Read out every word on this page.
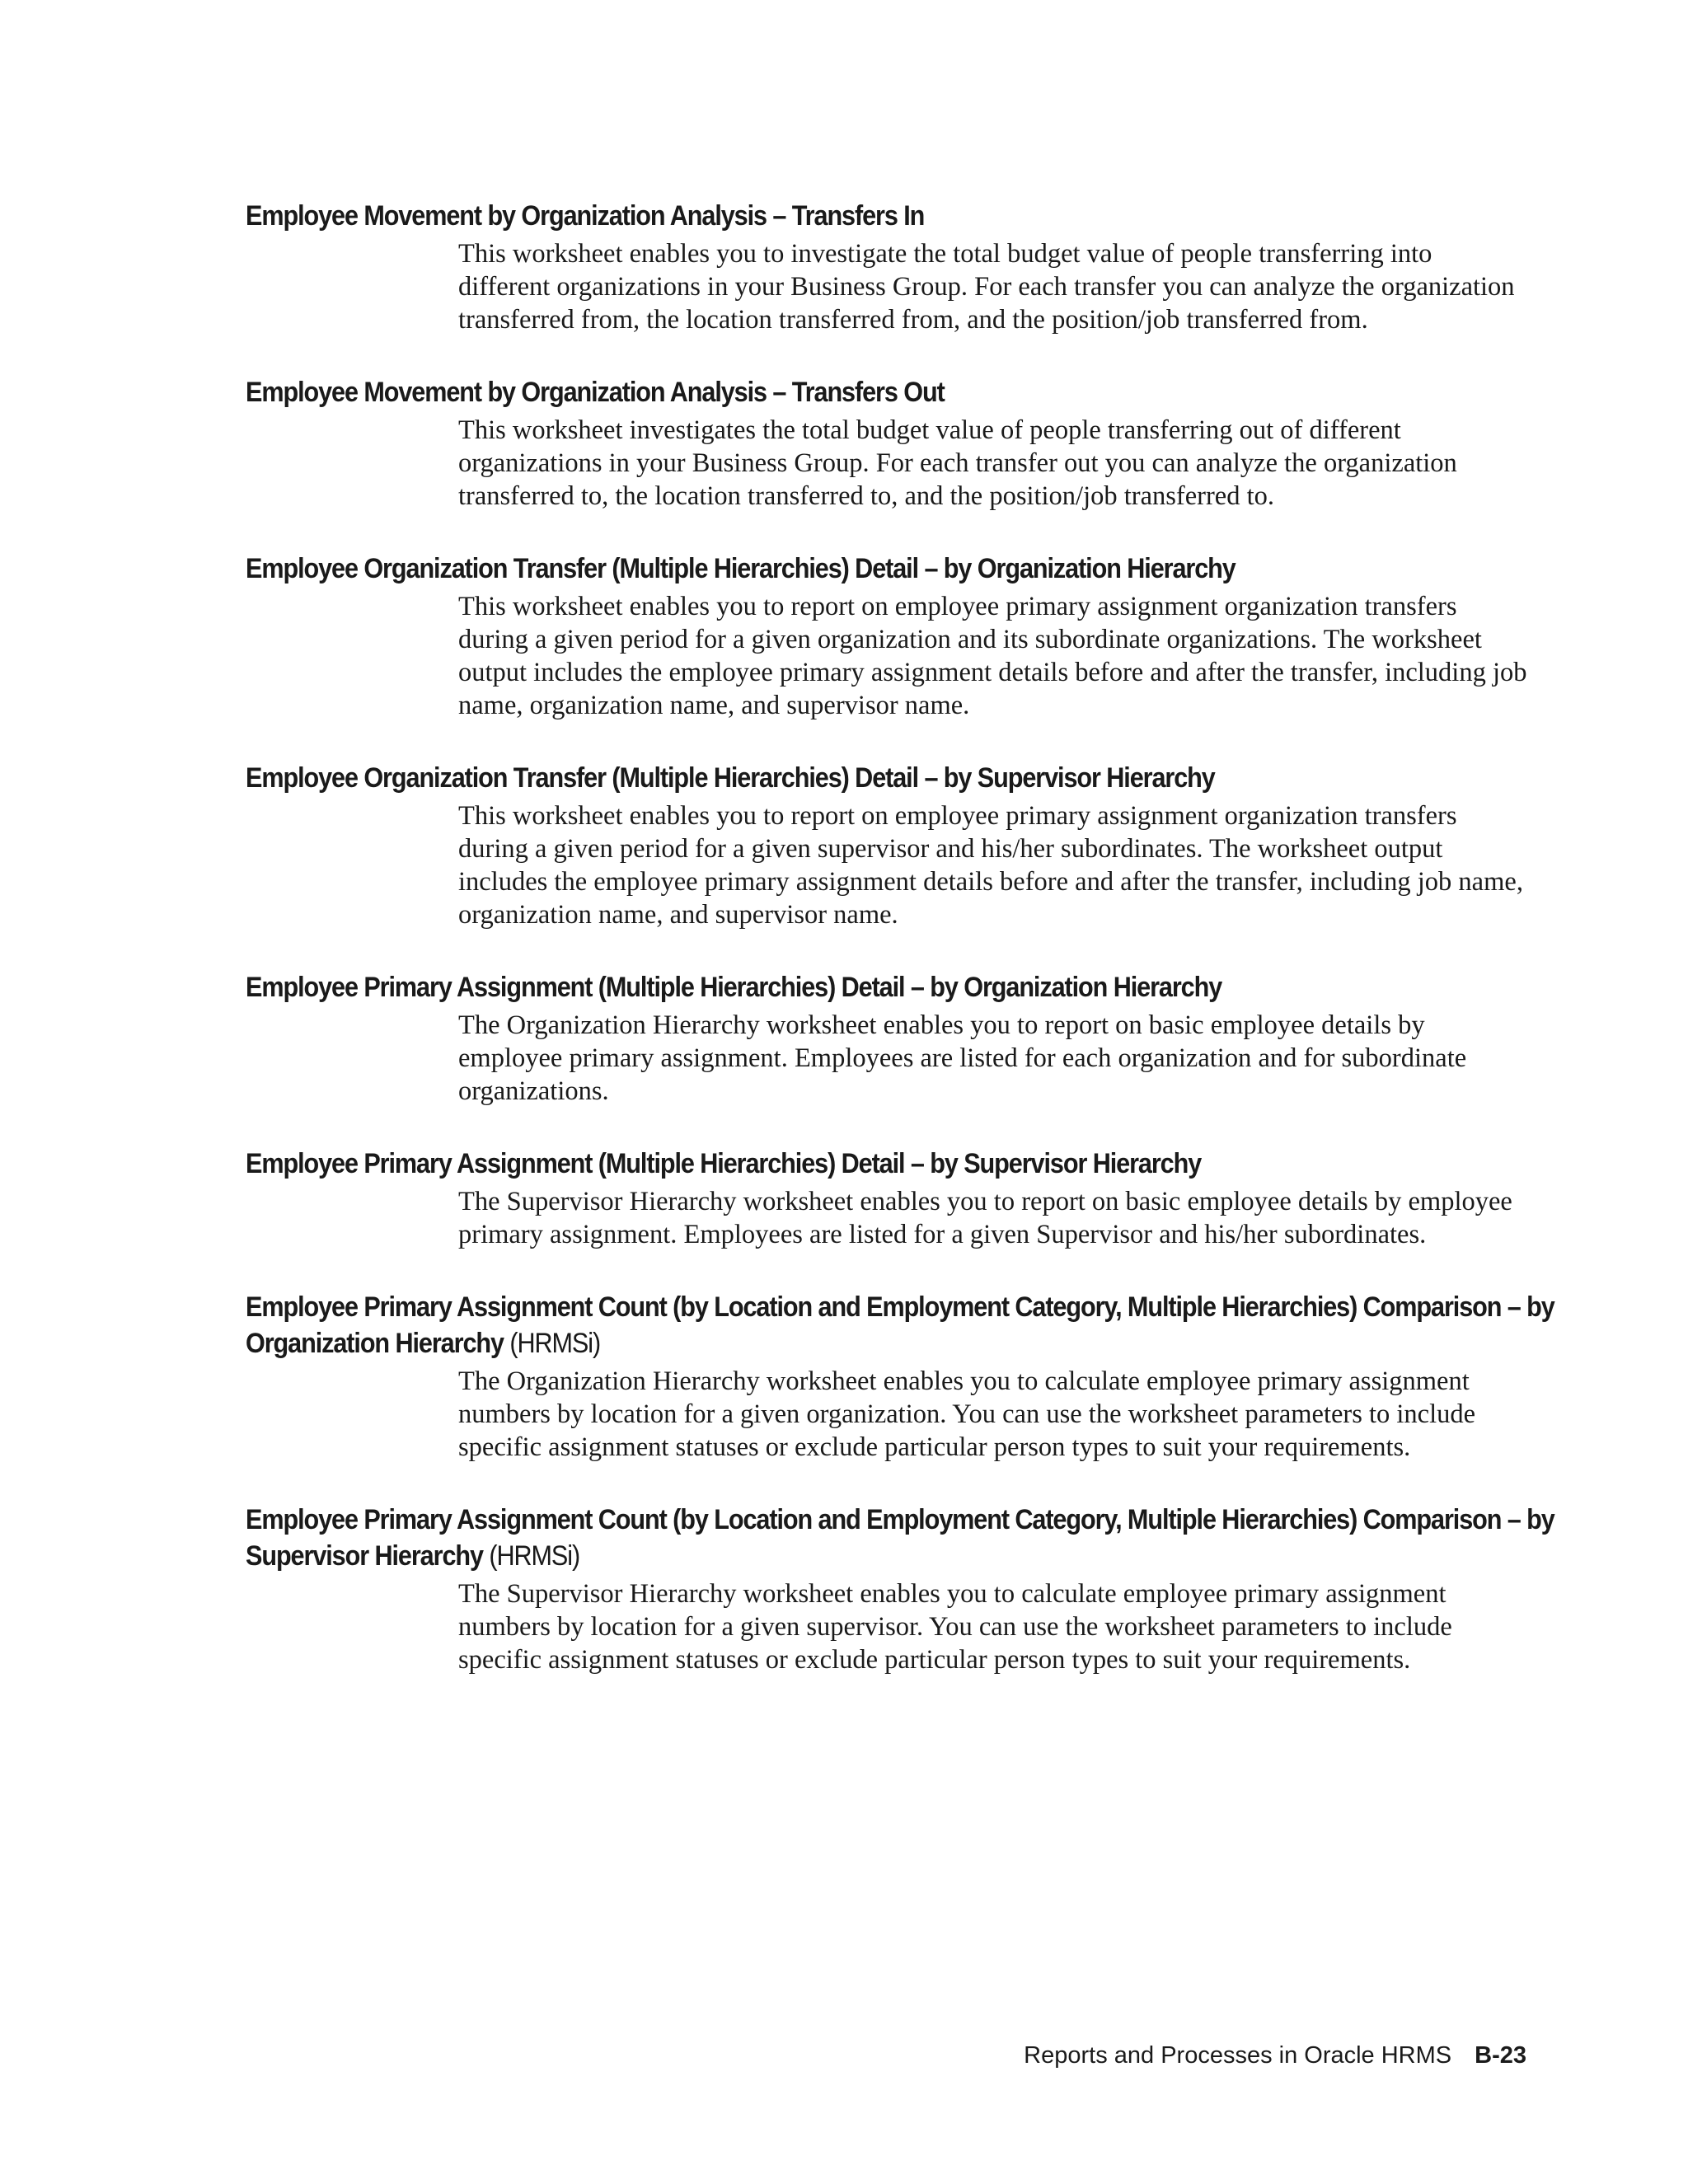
Employee Movement by Organization Analysis – Transfers In
This worksheet enables you to investigate the total budget value of people transferring into different organizations in your Business Group. For each transfer you can analyze the organization transferred from, the location transferred from, and the position/job transferred from.
Employee Movement by Organization Analysis – Transfers Out
This worksheet investigates the total budget value of people transferring out of different organizations in your Business Group. For each transfer out you can analyze the organization transferred to, the location transferred to, and the position/job transferred to.
Employee Organization Transfer (Multiple Hierarchies) Detail – by Organization Hierarchy
This worksheet enables you to report on employee primary assignment organization transfers during a given period for a given organization and its subordinate organizations. The worksheet output includes the employee primary assignment details before and after the transfer, including job name, organization name, and supervisor name.
Employee Organization Transfer (Multiple Hierarchies) Detail – by Supervisor Hierarchy
This worksheet enables you to report on employee primary assignment organization transfers during a given period for a given supervisor and his/her subordinates. The worksheet output includes the employee primary assignment details before and after the transfer, including job name, organization name, and supervisor name.
Employee Primary Assignment (Multiple Hierarchies) Detail – by Organization Hierarchy
The Organization Hierarchy worksheet enables you to report on basic employee details by employee primary assignment. Employees are listed for each organization and for subordinate organizations.
Employee Primary Assignment (Multiple Hierarchies) Detail – by Supervisor Hierarchy
The Supervisor Hierarchy worksheet enables you to report on basic employee details by employee primary assignment. Employees are listed for a given Supervisor and his/her subordinates.
Employee Primary Assignment Count (by Location and Employment Category, Multiple Hierarchies) Comparison – by Organization Hierarchy (HRMSi)
The Organization Hierarchy worksheet enables you to calculate employee primary assignment numbers by location for a given organization. You can use the worksheet parameters to include specific assignment statuses or exclude particular person types to suit your requirements.
Employee Primary Assignment Count (by Location and Employment Category, Multiple Hierarchies) Comparison – by Supervisor Hierarchy (HRMSi)
The Supervisor Hierarchy worksheet enables you to calculate employee primary assignment numbers by location for a given supervisor. You can use the worksheet parameters to include specific assignment statuses or exclude particular person types to suit your requirements.
Reports and Processes in Oracle HRMS B-23
